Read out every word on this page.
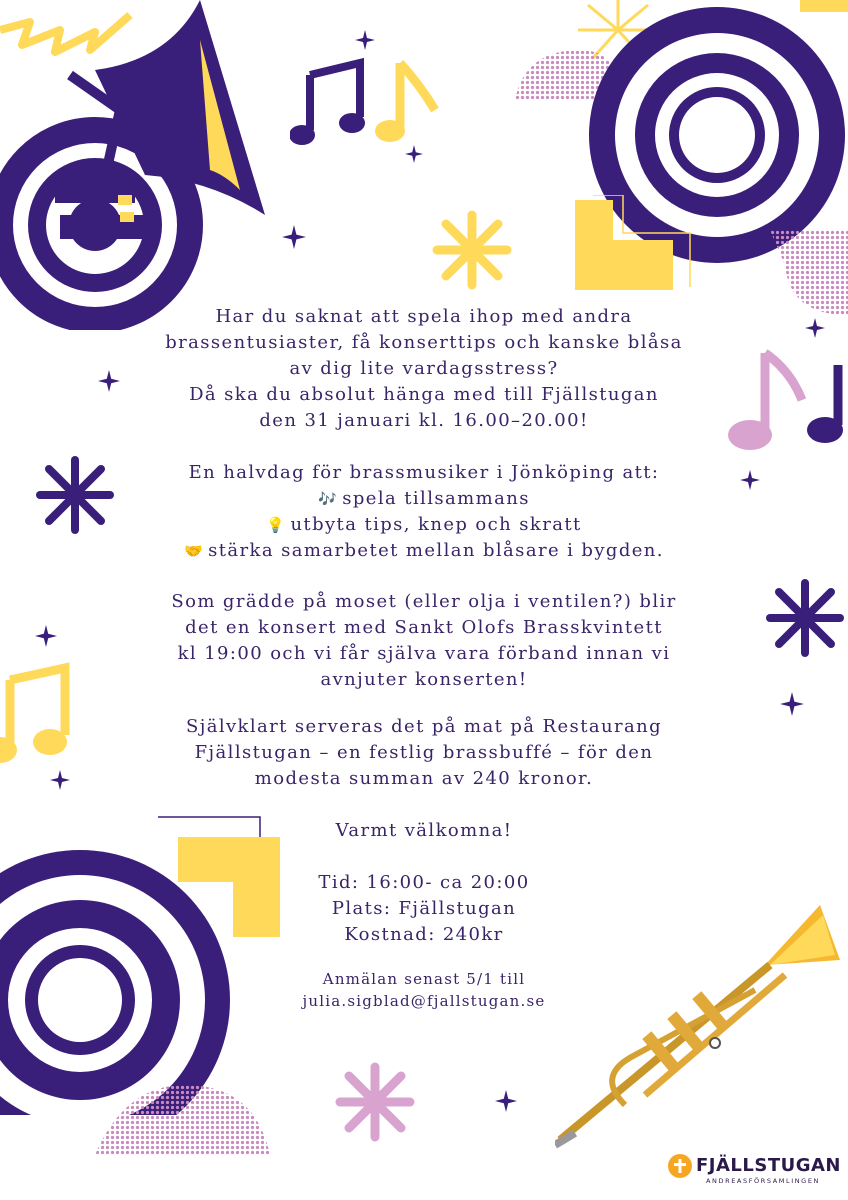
Har du saknat att spela ihop med andra

brassentusiaster, få konserttips och kanske blåsa

av dig lite vardagsstress?

Då ska du absolut hänga med till Fjällstugan

den 31 januari kl. 16.00–20.00!

En halvdag för brassmusiker i Jönköping att:

🎶 spela tillsammans

💡 utbyta tips, knep och skratt

🤝 stärka samarbetet mellan blåsare i bygden.

Som grädde på moset (eller olja i ventilen?) blir

det en konsert med Sankt Olofs Brasskvintett

kl 19:00 och vi får själva vara förband innan vi

avnjuter konserten!

Självklart serveras det på mat på Restaurang

Fjällstugan – en festlig brassbuffé – för den

modesta summan av 240 kronor.

Varmt välkomna!

Tid: 16:00- ca 20:00

Plats: Fjällstugan

Kostnad: 240kr

Anmälan senast 5/1 till

julia.sigblad@fjallstugan.se

FJÄLLSTUGAN
ANDREASFÖRSAMLINGEN
